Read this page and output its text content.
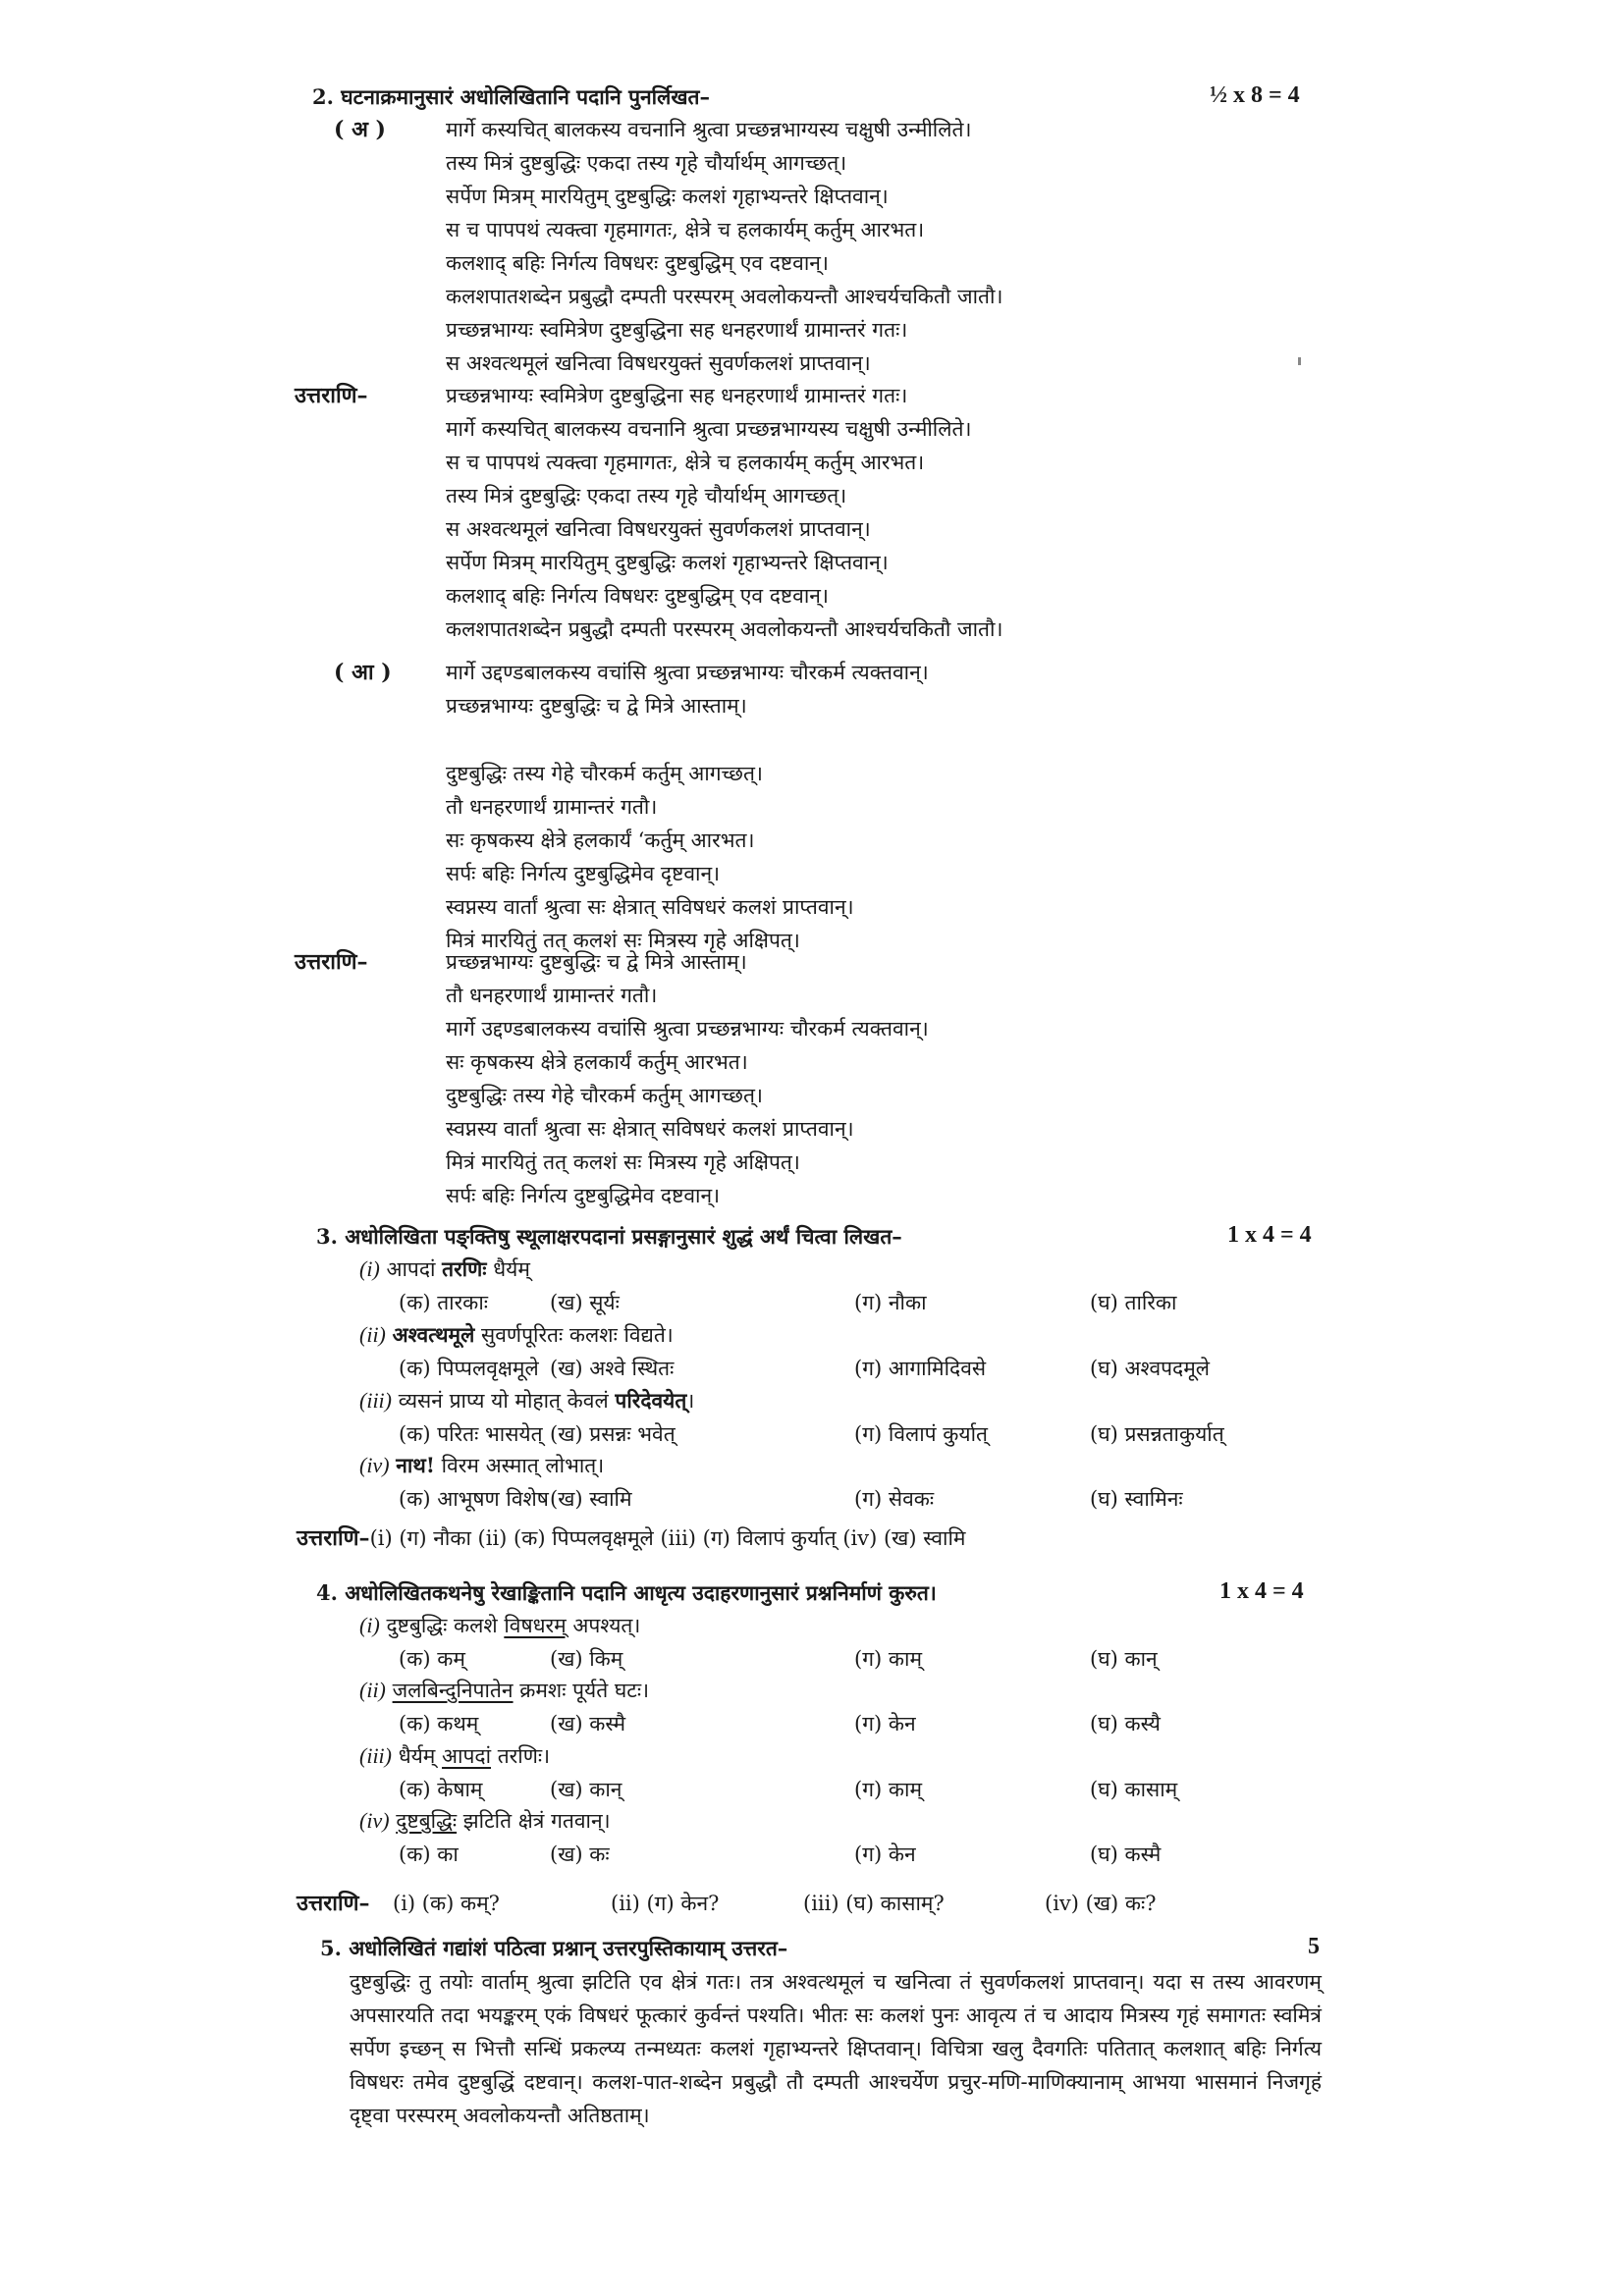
2. घटनाक्रमानुसारं अधोलिखितानि पदानि पुनर्लिखत–	½ x 8 = 4
( अ )	मार्गे कस्यचित् बालकस्य वचनानि श्रुत्वा प्रच्छन्नभाग्यस्य चक्षुषी उन्मीलिते।
तस्य मित्रं दुष्टबुद्धिः एकदा तस्य गृहे चौर्यार्थम् आगच्छत्।
सर्पेण मित्रम् मारयितुम् दुष्टबुद्धिः कलशं गृहाभ्यन्तरे क्षिप्तवान्।
स च पापपथं त्यक्त्वा गृहमागतः, क्षेत्रे च हलकार्यम् कर्तुम् आरभत।
कलशाद् बहिः निर्गत्य विषधरः दुष्टबुद्धिम् एव दष्टवान्।
कलशपातशब्देन प्रबुद्धौ दम्पती परस्परम् अवलोकयन्तौ आश्चर्यचकितौ जातौ।
प्रच्छन्नभाग्यः स्वमित्रेण दुष्टबुद्धिना सह धनहरणार्थं ग्रामान्तरं गतः।
स अश्वत्थमूलं खनित्वा विषधरयुक्तं सुवर्णकलशं प्राप्तवान्।
उत्तराणि–	प्रच्छन्नभाग्यः स्वमित्रेण दुष्टबुद्धिना सह धनहरणार्थं ग्रामान्तरं गतः।
मार्गे कस्यचित् बालकस्य वचनानि श्रुत्वा प्रच्छन्नभाग्यस्य चक्षुषी उन्मीलिते।
स च पापपथं त्यक्त्वा गृहमागतः, क्षेत्रे च हलकार्यम् कर्तुम् आरभत।
तस्य मित्रं दुष्टबुद्धिः एकदा तस्य गृहे चौर्यार्थम् आगच्छत्।
स अश्वत्थमूलं खनित्वा विषधरयुक्तं सुवर्णकलशं प्राप्तवान्।
सर्पेण मित्रम् मारयितुम् दुष्टबुद्धिः कलशं गृहाभ्यन्तरे क्षिप्तवान्।
कलशाद् बहिः निर्गत्य विषधरः दुष्टबुद्धिम् एव दष्टवान्।
कलशपातशब्देन प्रबुद्धौ दम्पती परस्परम् अवलोकयन्तौ आश्चर्यचकितौ जातौ।
( आ )	मार्गे उद्दण्डबालकस्य वचांसि श्रुत्वा प्रच्छन्नभाग्यः चौरकर्म त्यक्तवान्।
प्रच्छन्नभाग्यः दुष्टबुद्धिः च द्वे मित्रे आस्ताम्।
दुष्टबुद्धिः तस्य गेहे चौरकर्म कर्तुम् आगच्छत्।
तौ धनहरणार्थं ग्रामान्तरं गतौ।
सः कृषकस्य क्षेत्रे हलकार्यं ‘कर्तुम् आरभत।
सर्पः बहिः निर्गत्य दुष्टबुद्धिमेव दृष्टवान्।
स्वप्नस्य वार्तां श्रुत्वा सः क्षेत्रात् सविषधरं कलशं प्राप्तवान्।
मित्रं मारयितुं तत् कलशं सः मित्रस्य गृहे अक्षिपत्।
उत्तराणि–	प्रच्छन्नभाग्यः दुष्टबुद्धिः च द्वे मित्रे आस्ताम्।
तौ धनहरणार्थं ग्रामान्तरं गतौ।
मार्गे उद्दण्डबालकस्य वचांसि श्रुत्वा प्रच्छन्नभाग्यः चौरकर्म त्यक्तवान्।
सः कृषकस्य क्षेत्रे हलकार्यं कर्तुम् आरभत।
दुष्टबुद्धिः तस्य गेहे चौरकर्म कर्तुम् आगच्छत्।
स्वप्नस्य वार्तां श्रुत्वा सः क्षेत्रात् सविषधरं कलशं प्राप्तवान्।
मित्रं मारयितुं तत् कलशं सः मित्रस्य गृहे अक्षिपत्।
सर्पः बहिः निर्गत्य दुष्टबुद्धिमेव दष्टवान्।
3. अधोलिखिता पङ्क्तिषु स्थूलाक्षरपदानां प्रसङ्गानुसारं शुद्धं अर्थं चित्वा लिखत–	1 x 4 = 4
(i) आपदां तरणिः धैर्यम्
(क) तारकाः	(ख) सूर्यः	(ग) नौका	(घ) तारिका
(ii) अश्वत्थमूले सुवर्णपूरितः कलशः विद्यते।
(क) पिप्पलवृक्षमूले (ख) अश्वे स्थितः	(ग) आगामिदिवसे	(घ) अश्वपदमूले
(iii) व्यसनं प्राप्य यो मोहात् केवलं परिदेवयेत्।
(क) परितः भासयेत् (ख) प्रसन्नः भवेत्	(ग) विलापं कुर्यात्	(घ) प्रसन्नताकुर्यात्
(iv) नाथ! विरम अस्मात् लोभात्।
(क) आभूषण विशेष (ख) स्वामि	(ग) सेवकः	(घ) स्वामिनः
उत्तराणि–(i) (ग) नौका (ii) (क) पिप्पलवृक्षमूले (iii) (ग) विलापं कुर्यात् (iv) (ख) स्वामि
4. अधोलिखितकथनेषु रेखाङ्कितानि पदानि आधृत्य उदाहरणानुसारं प्रश्ननिर्माणं कुरुत।	1 x 4 = 4
(i) दुष्टबुद्धिः कलशे विषधरम् अपश्यत्।
(क) कम्	(ख) किम्	(ग) काम्	(घ) कान्
(ii) जलबिन्दुनिपातेन क्रमशः पूर्यते घटः।
(क) कथम्	(ख) कस्मै	(ग) केन	(घ) कस्यै
(iii) धैर्यम् आपदां तरणिः।
(क) केषाम्	(ख) कान्	(ग) काम्	(घ) कासाम्
(iv) दुष्टबुद्धिः झटिति क्षेत्रं गतवान्।
(क) का	(ख) कः	(ग) केन	(घ) कस्मै
उत्तराणि– (i) (क) कम्?	(ii) (ग) केन?	(iii) (घ) कासाम्?	(iv) (ख) कः?
5. अधोलिखितं गद्यांशं पठित्वा प्रश्नान् उत्तरपुस्तिकायाम् उत्तरत–	5

दुष्टबुद्धिः तु तयोः वार्ताम् श्रुत्वा झटिति एव क्षेत्रं गतः। तत्र अश्वत्थमूलं च खनित्वा तं सुवर्णकलशं प्राप्तवान्। यदा स तस्य आवरणम् अपसारयति तदा भयङ्करम् एकं विषधरं फूत्कारं कुर्वन्तं पश्यति। भीतः सः कलशं पुनः आवृत्य तं च आदाय मित्रस्य गृहं समागतः स्वमित्रं सर्पेण इच्छन् स भित्तौ सन्धिं प्रकल्प्य तन्मध्यतः कलशं गृहाभ्यन्तरे क्षिप्तवान्। विचित्रा खलु दैवगतिः पतितात् कलशात् बहिः निर्गत्य विषधरः तमेव दुष्टबुद्धिं दष्टवान्। कलश-पात-शब्देन प्रबुद्धौ तौ दम्पती आश्चर्येण प्रचुर-मणि-माणिक्यानाम् आभया भासमानं निजगृहं दृष्ट्वा परस्परम् अवलोकयन्तौ अतिष्ठताम्।
